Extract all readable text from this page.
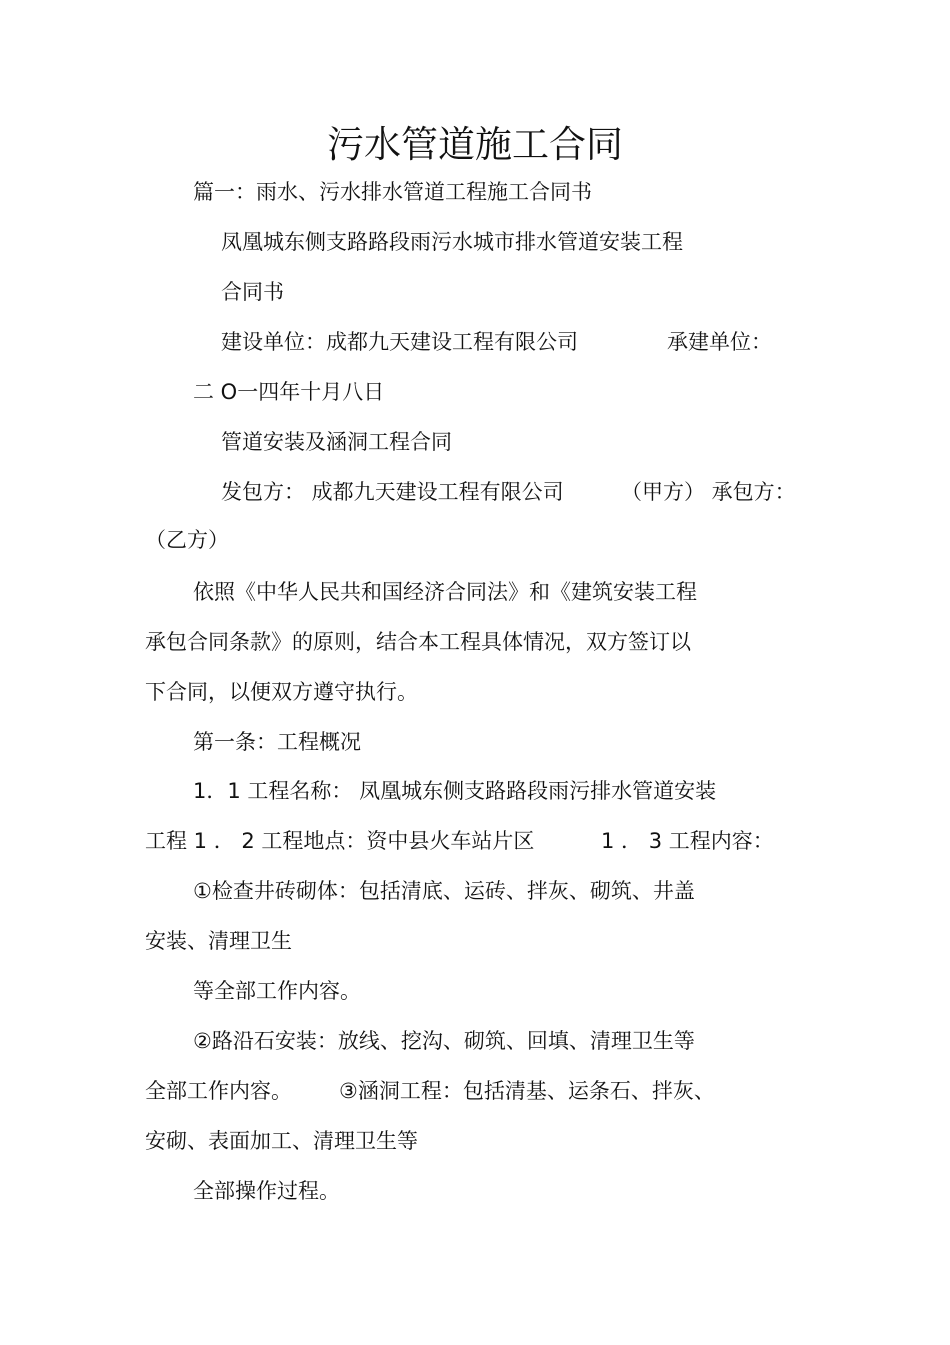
污水管道施工合同
篇一：雨水、污水排水管道工程施工合同书
凤凰城东侧支路路段雨污水城市排水管道安装工程
合同书
建设单位：成都九天建设工程有限公司	承建单位：
二 O一四年十月八日
管道安装及涵洞工程合同
发包方： 成都九天建设工程有限公司	（甲方） 承包方：
（乙方）
依照《中华人民共和国经济合同法》和《建筑安装工程
承包合同条款》的原则，结合本工程具体情况，双方签订以
下合同，以便双方遵守执行。
第一条：工程概况
1．1 工程名称： 凤凰城东侧支路路段雨污排水管道安装
工程 1 ． 2 工程地点：资中县火车站片区	1 ． 3 工程内容：
①检查井砖砌体：包括清底、运砖、拌灰、砌筑、井盖
安装、清理卫生
等全部工作内容。
②路沿石安装：放线、挖沟、砌筑、回填、清理卫生等
全部工作内容。 ③涵洞工程：包括清基、运条石、拌灰、
安砌、表面加工、清理卫生等
全部操作过程。
